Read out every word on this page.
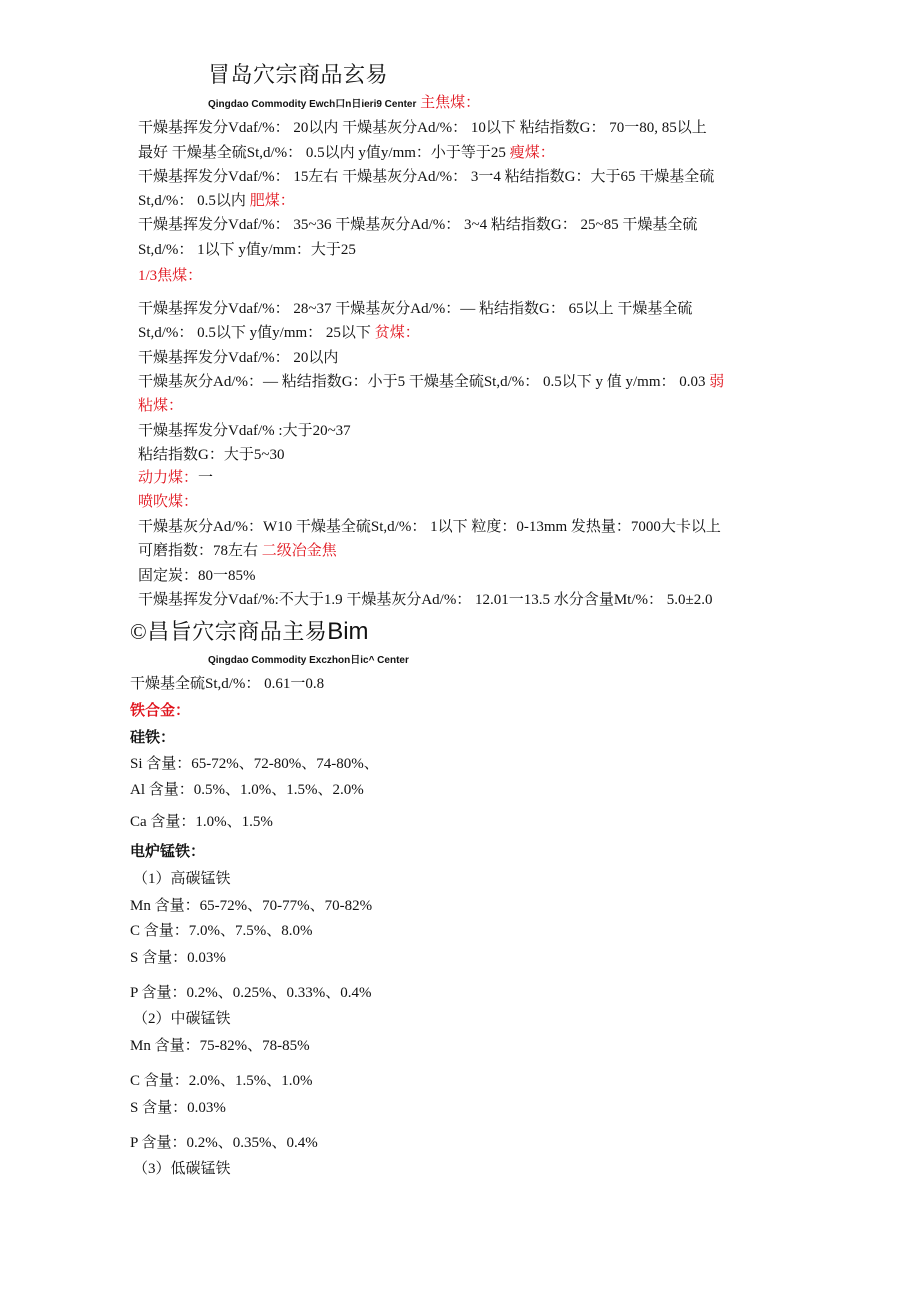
冒岛穴宗商品玄易
Qingdao Commodity Ewch口n日ieri9 Center 主焦煤：
干燥基挥发分Vdaf/%： 20以内 干燥基灰分Ad/%： 10以下 粘结指数G： 70一80, 85以上
最好 干燥基全硫St,d/%： 0.5以内 y值y/mm：小于等于25 瘦煤：
干燥基挥发分Vdaf/%： 15左右 干燥基灰分Ad/%： 3一4 粘结指数G：大于65 干燥基全硫
St,d/%： 0.5以内 肥煤：
干燥基挥发分Vdaf/%： 35~36 干燥基灰分Ad/%： 3~4 粘结指数G： 25~85 干燥基全硫
St,d/%： 1以下 y值y/mm：大于25
1/3焦煤：
干燥基挥发分Vdaf/%： 28~37 干燥基灰分Ad/%：— 粘结指数G： 65以上 干燥基全硫
St,d/%： 0.5以下 y值y/mm： 25以下 贫煤：
干燥基挥发分Vdaf/%： 20以内
干燥基灰分Ad/%：— 粘结指数G：小于5 干燥基全硫St,d/%： 0.5以下 y 值 y/mm： 0.03 弱
粘煤：
干燥基挥发分Vdaf/% :大于20~37
粘结指数G：大于5~30
动力煤：一
喷吹煤：
干燥基灰分Ad/%：W10 干燥基全硫St,d/%： 1以下 粒度：0-13mm 发热量：7000大卡以上
可磨指数：78左右 二级冶金焦
固定炭：80一85%
干燥基挥发分Vdaf/%:不大于1.9 干燥基灰分Ad/%： 12.01一13.5 水分含量Mt/%： 5.0±2.0
©昌旨穴宗商品主易Bim
Qingdao Commodity Exczhon日ic^ Center
干燥基全硫St,d/%： 0.61一0.8
铁合金：
硅铁：
Si 含量：65-72%、72-80%、74-80%、
Al 含量：0.5%、1.0%、1.5%、2.0%
Ca 含量：1.0%、1.5%
电炉锰铁：
（1）高碳锰铁
Mn 含量：65-72%、70-77%、70-82%
C 含量：7.0%、7.5%、8.0%
S 含量：0.03%
P 含量：0.2%、0.25%、0.33%、0.4%
（2）中碳锰铁
Mn 含量：75-82%、78-85%
C 含量：2.0%、1.5%、1.0%
S 含量：0.03%
P 含量：0.2%、0.35%、0.4%
（3）低碳锰铁
